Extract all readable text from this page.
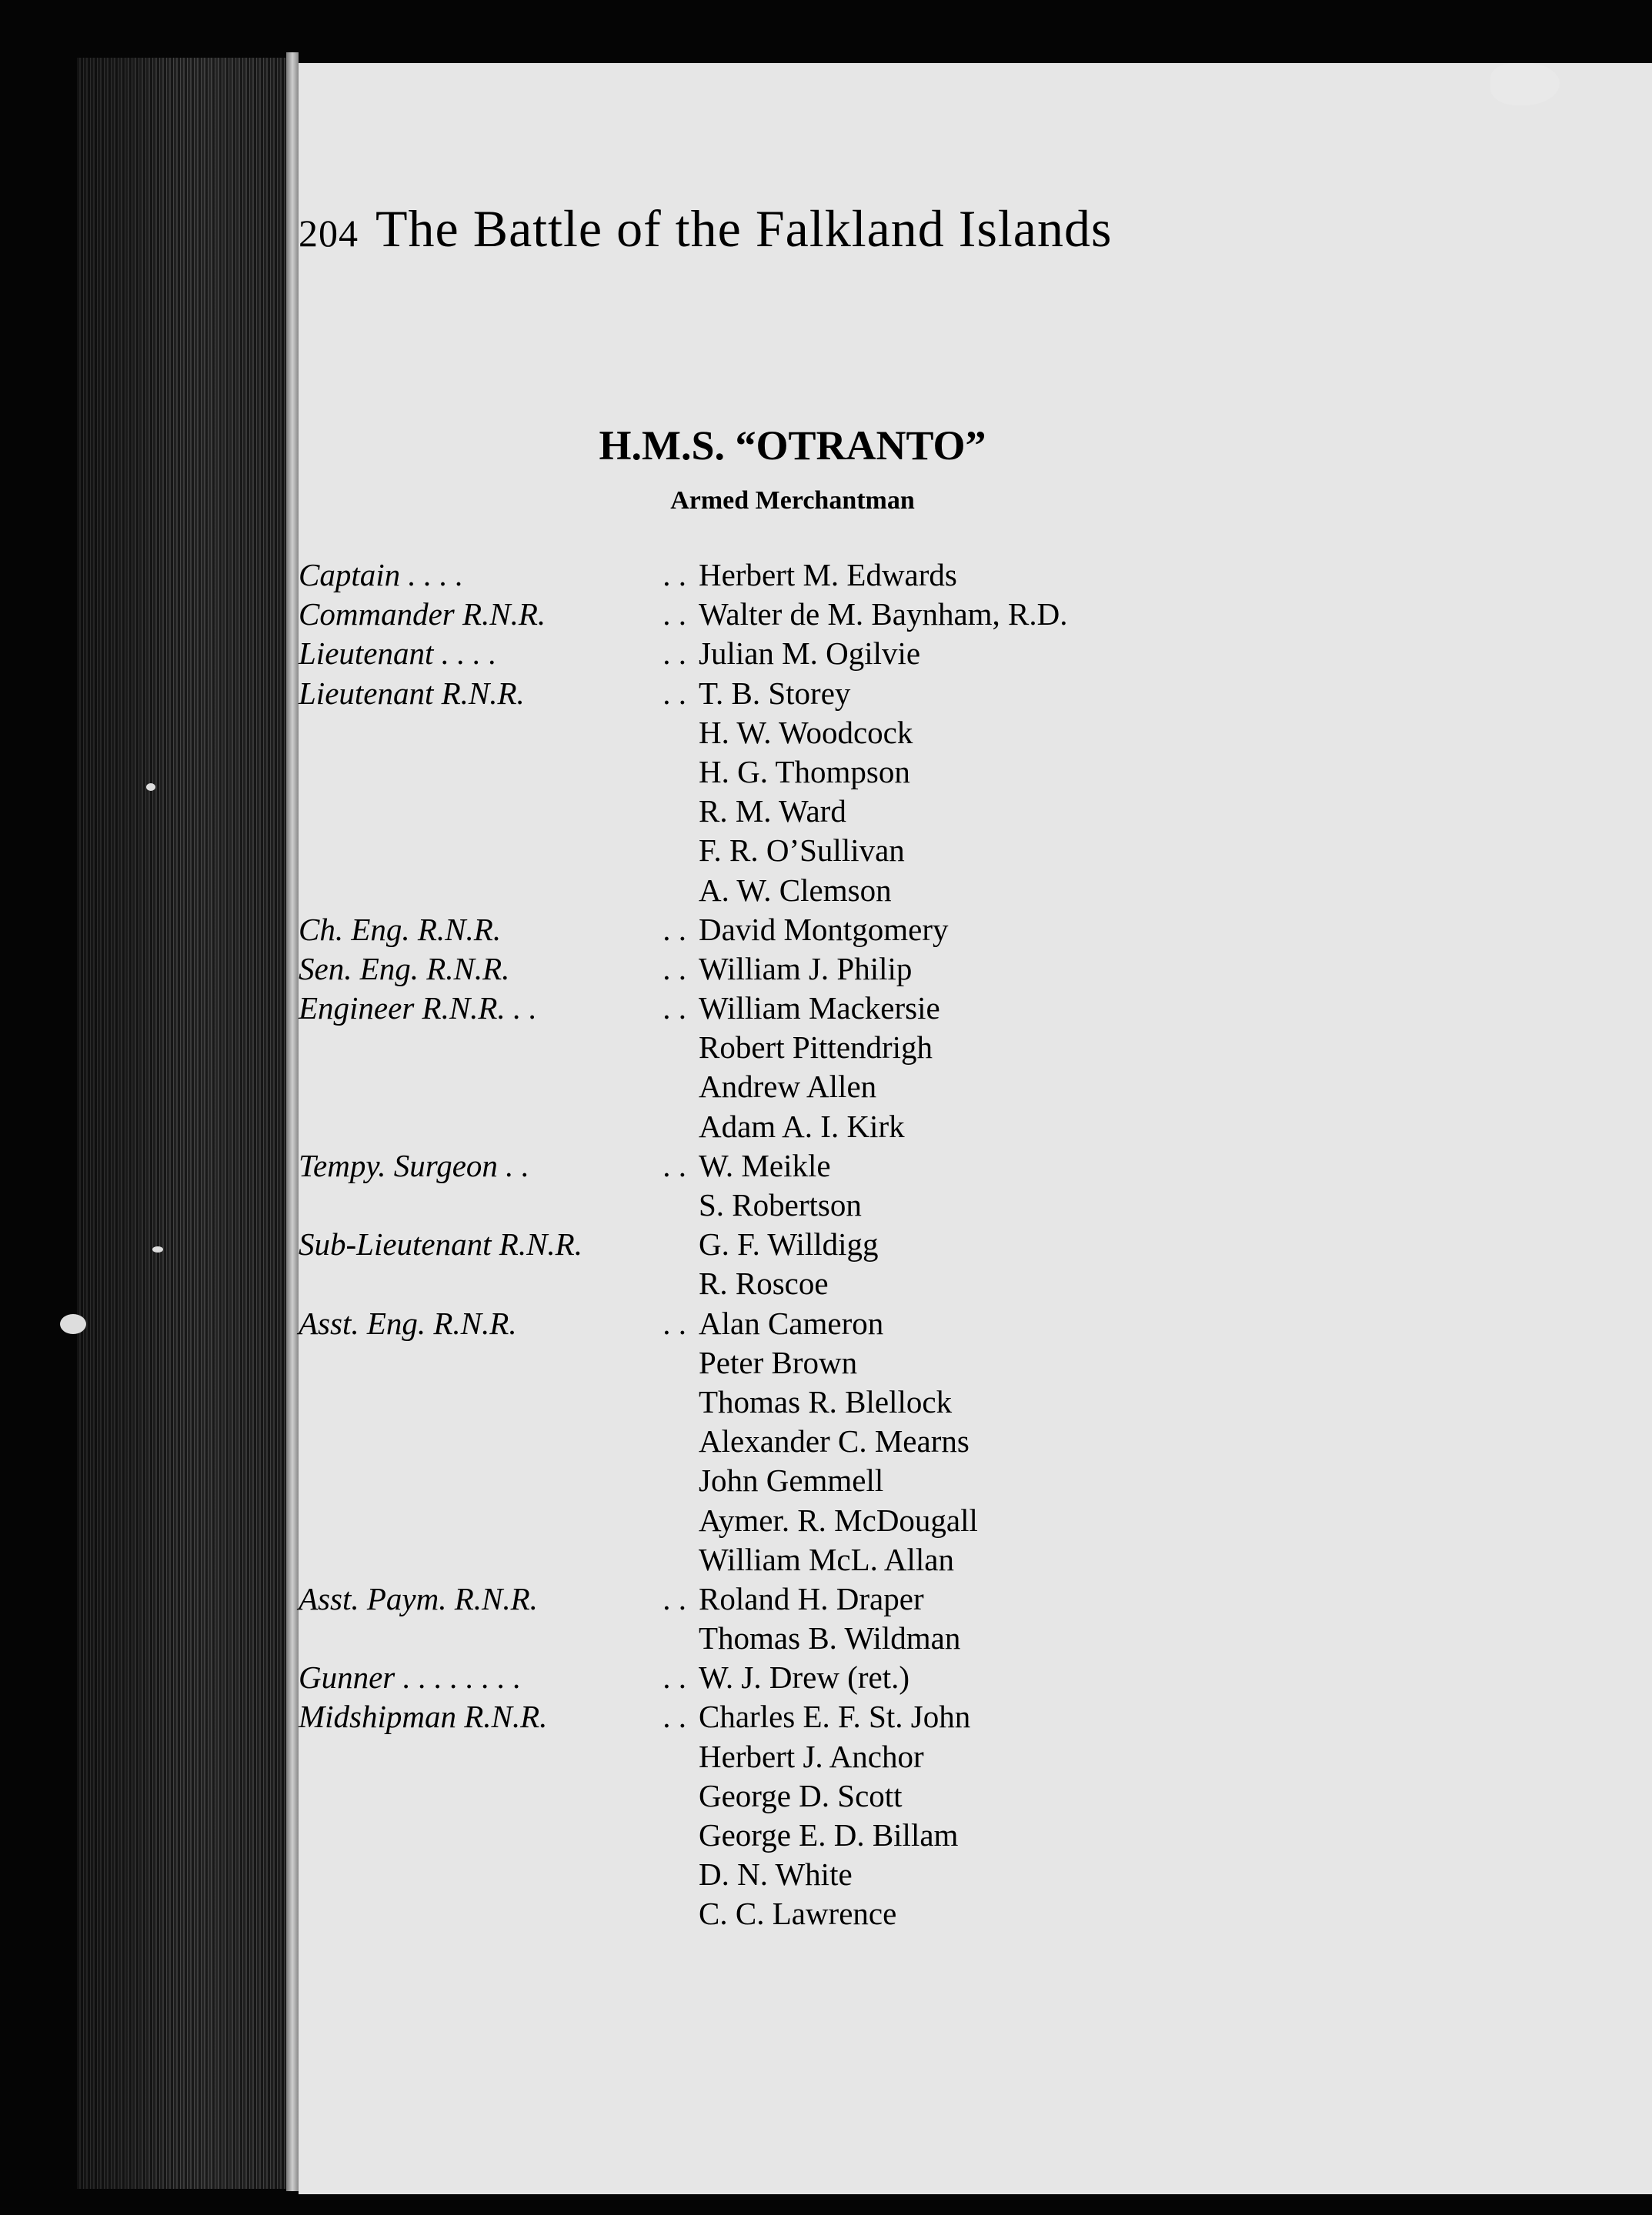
204 The Battle of the Falkland Islands
H.M.S. “OTRANTO”
Armed Merchantman
Captain . . . .	. . Herbert M. Edwards
Commander R.N.R.	. . Walter de M. Baynham, R.D.
Lieutenant . . . .	. . Julian M. Ogilvie
Lieutenant R.N.R.	. . T. B. Storey
H. W. Woodcock
H. G. Thompson
R. M. Ward
F. R. O’Sullivan
A. W. Clemson
Ch. Eng. R.N.R.	. . David Montgomery
Sen. Eng. R.N.R.	. . William J. Philip
Engineer R.N.R. . .	. . William Mackersie
Robert Pittendrigh
Andrew Allen
Adam A. I. Kirk
Tempy. Surgeon . .	. . W. Meikle
S. Robertson
Sub-Lieutenant R.N.R.	G. F. Willdigg
R. Roscoe
Asst. Eng. R.N.R.	. . Alan Cameron
Peter Brown
Thomas R. Blellock
Alexander C. Mearns
John Gemmell
Aymer. R. McDougall
William McL. Allan
Asst. Paym. R.N.R.	. . Roland H. Draper
Thomas B. Wildman
Gunner . . . . . . . .	. . W. J. Drew (ret.)
Midshipman R.N.R.	. . Charles E. F. St. John
Herbert J. Anchor
George D. Scott
George E. D. Billam
D. N. White
C. C. Lawrence
